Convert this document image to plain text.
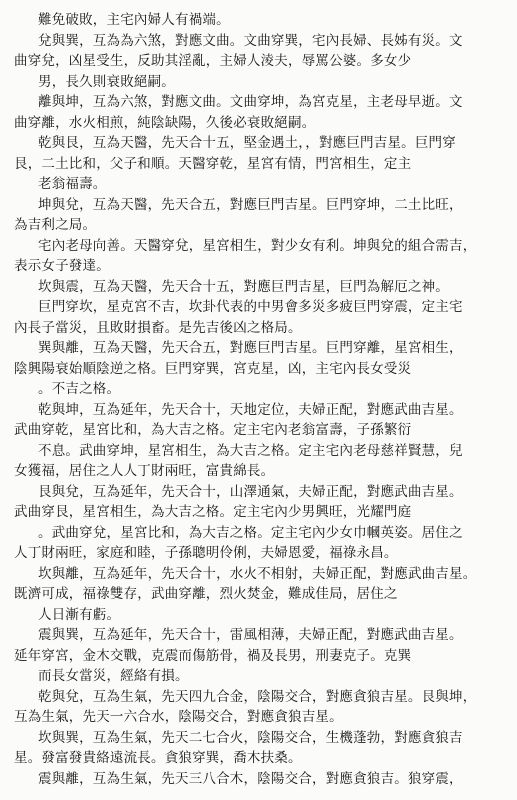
難免破敗，主宅內婦人有禍端。
兌與巽，互為為六煞，對應文曲。文曲穿巽，宅內長婦、長姊有災。文
曲穿兌，凶星受生，反助其淫亂，主婦人淩夫，辱罵公婆。多女少
男，長久則衰敗絕嗣。
離與坤，互為六煞，對應文曲。文曲穿坤，為宮克星，主老母早逝。文
曲穿離，水火相煎，純陰缺陽，久後必衰敗絕嗣。
乾與艮，互為天醫，先天合十五，堅金遇土，，對應巨門吉星。巨門穿
艮，二土比和，父子和順。天醫穿乾，星宮有情，門宮相生，定主
老翁福壽。
坤與兌，互為天醫，先天合五，對應巨門吉星。巨門穿坤，二土比旺，
為吉利之局。
宅內老母向善。天醫穿兌，星宮相生，對少女有利。坤與兌的組合需吉，
表示女子發達。
坎與震，互為天醫，先天合十五，對應巨門吉星，巨門為解厄之神。
巨門穿坎，星克宮不吉，坎卦代表的中男會多災多疲巨門穿震，定主宅
內長子當災，且敗財損畜。是先吉後凶之格局。
巽與離，互為天醫，先天合五，對應巨門吉星。巨門穿離，星宮相生，
陰興陽衰始順陰逆之格。巨門穿巽，宮克星，凶，主宅內長女受災
。不吉之格。
乾與坤，互為延年，先天合十，天地定位，夫婦正配，對應武曲吉星。
武曲穿乾，星宮比和，為大吉之格。定主宅內老翁富壽，子孫繁衍
不息。武曲穿坤，星宮相生，為大吉之格。定主宅內老母慈祥賢慧，兒
女獲福，居住之人人丁財兩旺，富貴綿長。
艮與兌，互為延年，先天合十，山澤通氣，夫婦正配，對應武曲吉星。
武曲穿艮，星宮相生，為大吉之格。定主宅內少男興旺，光耀門庭
。武曲穿兌，星宮比和，為大吉之格。定主宅內少女巾幗英姿。居住之
人丁財兩旺，家庭和睦，子孫聰明伶俐，夫婦恩愛，福祿永昌。
坎與離，互為延年，先天合十，水火不相射，夫婦正配，對應武曲吉星。
既濟可成，福祿雙存，武曲穿離，烈火焚金，難成佳局，居住之
人日漸有虧。
震與巽，互為延年，先天合十，雷風相薄，夫婦正配，對應武曲吉星。
延年穿宮，金木交戰，克震而傷筋骨，禍及長男，刑妻克子。克巽
而長女當災，經絡有損。
乾與兌，互為生氣，先天四九合金，陰陽交合，對應貪狼吉星。艮與坤，
互為生氣，先天一六合水，陰陽交合，對應貪狼吉星。
坎與巽，互為生氣，先天二七合火，陰陽交合，生機蓬勃，對應貪狼吉
星。發富發貴絡遠流長。貪狼穿巽，喬木扶桑。
震與離，互為生氣，先天三八合木，陰陽交合，對應貪狼吉。狼穿震，
